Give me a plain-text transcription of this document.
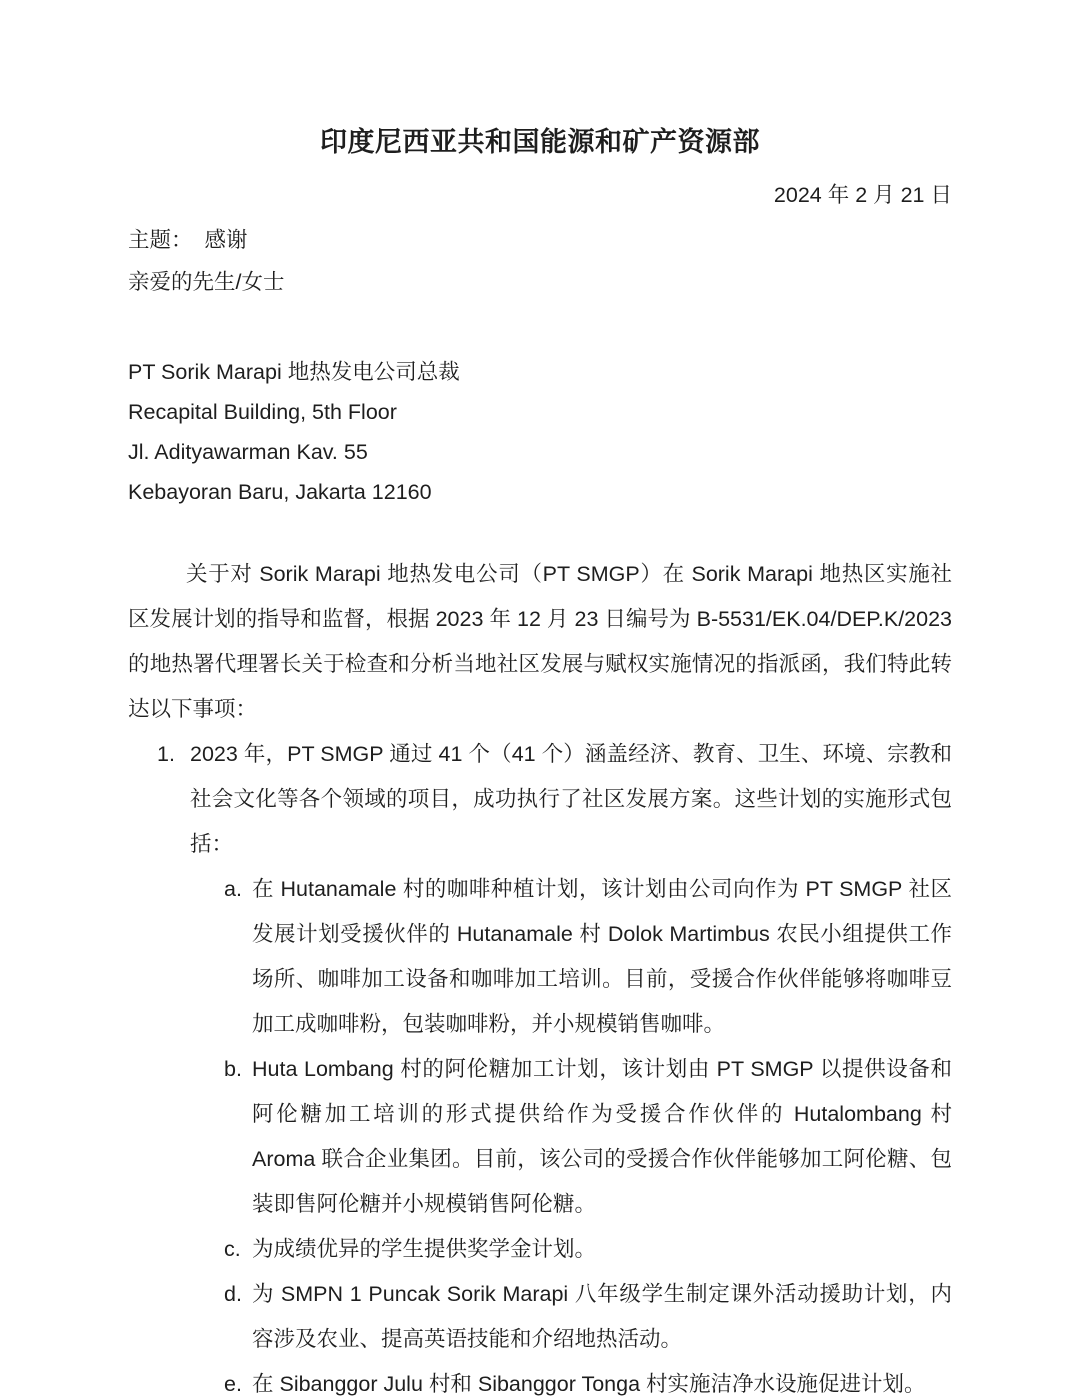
印度尼西亚共和国能源和矿产资源部
2024 年 2 月 21 日
主题： 感谢
亲爱的先生/女士
PT Sorik Marapi 地热发电公司总裁
Recapital Building, 5th Floor
Jl. Adityawarman Kav. 55
Kebayoran Baru, Jakarta 12160

关于对 Sorik Marapi 地热发电公司（PT SMGP）在 Sorik Marapi 地热区实施社区发展计划的指导和监督，根据 2023 年 12 月 23 日编号为 B-5531/EK.04/DEP.K/2023 的地热署代理署长关于检查和分析当地社区发展与赋权实施情况的指派函，我们特此转达以下事项：

1. 2023 年，PT SMGP 通过 41 个（41 个）涵盖经济、教育、卫生、环境、宗教和社会文化等各个领域的项目，成功执行了社区发展方案。这些计划的实施形式包括：
a. 在 Hutanamale 村的咖啡种植计划，该计划由公司向作为 PT SMGP 社区发展计划受援伙伴的 Hutanamale 村 Dolok Martimbus 农民小组提供工作场所、咖啡加工设备和咖啡加工培训。目前，受援合作伙伴能够将咖啡豆加工成咖啡粉，包装咖啡粉，并小规模销售咖啡。
b. Huta Lombang 村的阿伦糖加工计划，该计划由 PT SMGP 以提供设备和阿伦糖加工培训的形式提供给作为受援合作伙伴的 Hutalombang 村 Aroma 联合企业集团。目前，该公司的受援合作伙伴能够加工阿伦糖、包装即售阿伦糖并小规模销售阿伦糖。
c. 为成绩优异的学生提供奖学金计划。
d. 为 SMPN 1 Puncak Sorik Marapi 八年级学生制定课外活动援助计划，内容涉及农业、提高英语技能和介绍地热活动。
e. 在 Sibanggor Julu 村和 Sibanggor Tonga 村实施洁净水设施促进计划。
